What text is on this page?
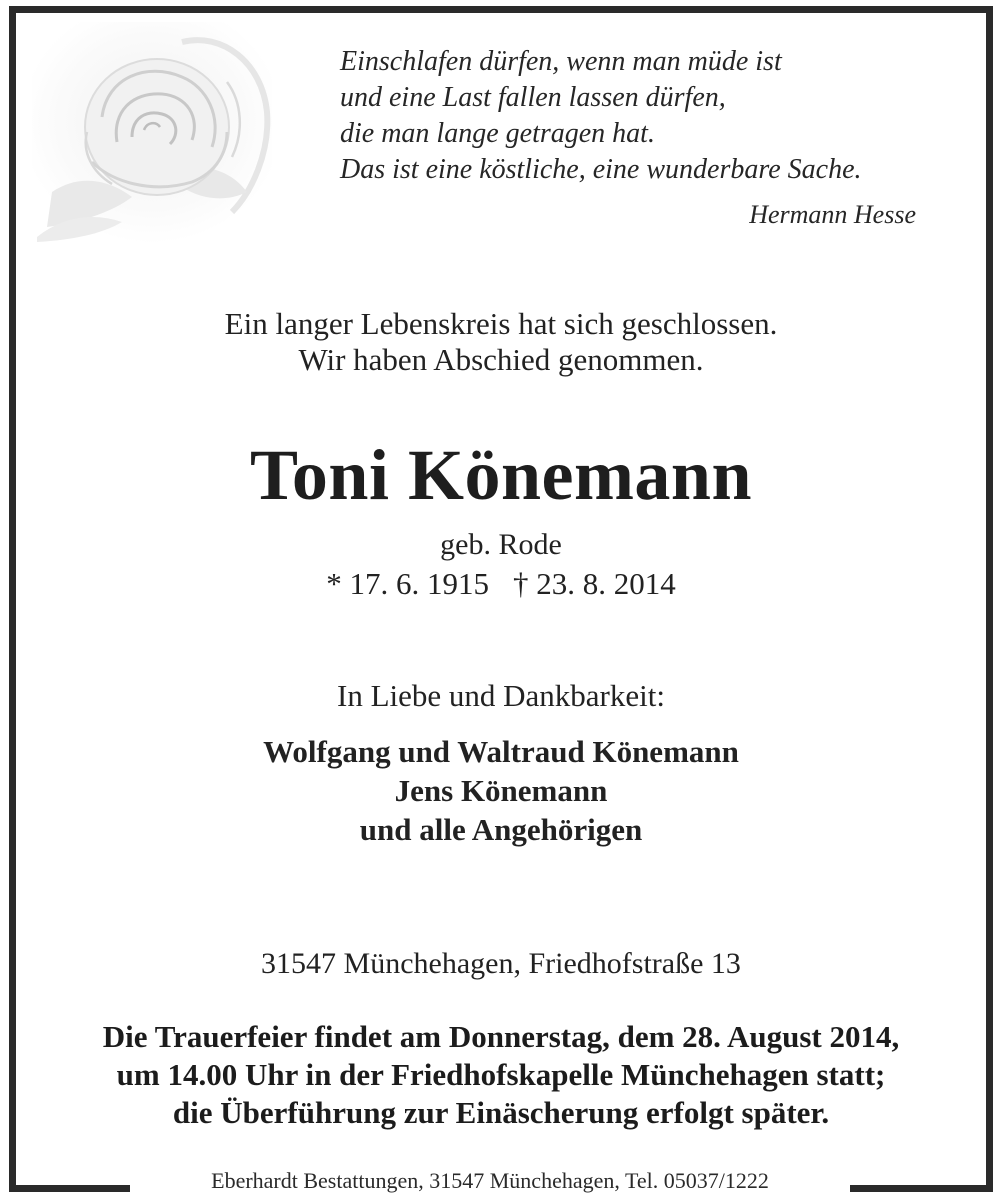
Einschlafen dürfen, wenn man müde ist
und eine Last fallen lassen dürfen,
die man lange getragen hat.
Das ist eine köstliche, eine wunderbare Sache.
Hermann Hesse
Ein langer Lebenskreis hat sich geschlossen.
Wir haben Abschied genommen.
Toni Könemann
geb. Rode
* 17. 6. 1915 † 23. 8. 2014
In Liebe und Dankbarkeit:
Wolfgang und Waltraud Könemann
Jens Könemann
und alle Angehörigen
31547 Münchehagen, Friedhofstraße 13
Die Trauerfeier findet am Donnerstag, dem 28. August 2014,
um 14.00 Uhr in der Friedhofskapelle Münchehagen statt;
die Überführung zur Einäscherung erfolgt später.
Eberhardt Bestattungen, 31547 Münchehagen, Tel. 05037/1222
